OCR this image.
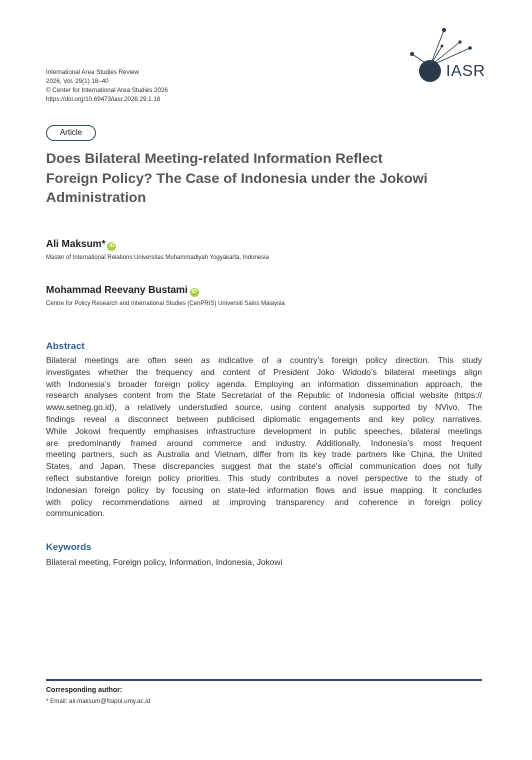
International Area Studies Review
2026, Vol. 29(1) 18–40
© Center for International Area Studies 2026
https://doi.org/10.69473/iasr.2026.29.1.18
IASR
Article
Does Bilateral Meeting-related Information Reflect
Foreign Policy? The Case of Indonesia under the Jokowi
Administration
Ali Maksum* iD
Master of International Relations Universitas Muhammadiyah Yogyakarta, Indonesia
Mohammad Reevany Bustami iD
Centre for Policy Research and International Studies (CenPRIS) Universiti Sains Malaysia
Abstract
Bilateral meetings are often seen as indicative of a country’s foreign policy direction. This study
investigates whether the frequency and content of President Joko Widodo’s bilateral meetings align
with Indonesia’s broader foreign policy agenda. Employing an information dissemination approach, the
research analyses content from the State Secretariat of the Republic of Indonesia official website (https://
www.setneg.go.id), a relatively understudied source, using content analysis supported by NVivo. The
findings reveal a disconnect between publicised diplomatic engagements and key policy narratives.
While Jokowi frequently emphasises infrastructure development in public speeches, bilateral meetings
are predominantly framed around commerce and industry. Additionally, Indonesia’s most frequent
meeting partners, such as Australia and Vietnam, differ from its key trade partners like China, the United
States, and Japan. These discrepancies suggest that the state’s official communication does not fully
reflect substantive foreign policy priorities. This study contributes a novel perspective to the study of
Indonesian foreign policy by focusing on state-led information flows and issue mapping. It concludes
with policy recommendations aimed at improving transparency and coherence in foreign policy
communication.
Keywords
Bilateral meeting, Foreign policy, Information, Indonesia, Jokowi
Corresponding author:
* Email: ali.maksum@fisipol.umy.ac.id
